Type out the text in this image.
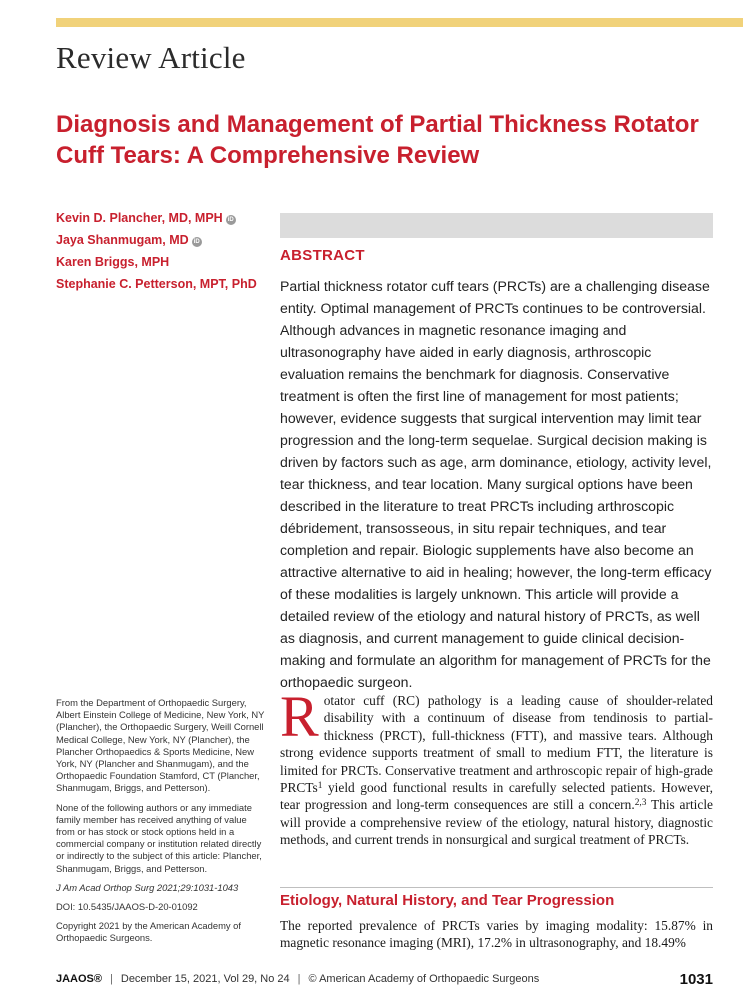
Review Article
Diagnosis and Management of Partial Thickness Rotator Cuff Tears: A Comprehensive Review
Kevin D. Plancher, MD, MPH iD
Jaya Shanmugam, MD iD
Karen Briggs, MPH
Stephanie C. Petterson, MPT, PhD
ABSTRACT

Partial thickness rotator cuff tears (PRCTs) are a challenging disease entity. Optimal management of PRCTs continues to be controversial. Although advances in magnetic resonance imaging and ultrasonography have aided in early diagnosis, arthroscopic evaluation remains the benchmark for diagnosis. Conservative treatment is often the first line of management for most patients; however, evidence suggests that surgical intervention may limit tear progression and the long-term sequelae. Surgical decision making is driven by factors such as age, arm dominance, etiology, activity level, tear thickness, and tear location. Many surgical options have been described in the literature to treat PRCTs including arthroscopic débridement, transosseous, in situ repair techniques, and tear completion and repair. Biologic supplements have also become an attractive alternative to aid in healing; however, the long-term efficacy of these modalities is largely unknown. This article will provide a detailed review of the etiology and natural history of PRCTs, as well as diagnosis, and current management to guide clinical decision-making and formulate an algorithm for management of PRCTs for the orthopaedic surgeon.

From the Department of Orthopaedic Surgery, Albert Einstein College of Medicine, New York, NY (Plancher), the Orthopaedic Surgery, Weill Cornell Medical College, New York, NY (Plancher), the Plancher Orthopaedics & Sports Medicine, New York, NY (Plancher and Shanmugam), and the Orthopaedic Foundation Stamford, CT (Plancher, Shanmugam, Briggs, and Petterson).

None of the following authors or any immediate family member has received anything of value from or has stock or stock options held in a commercial company or institution related directly or indirectly to the subject of this article: Plancher, Shanmugam, Briggs, and Petterson.

J Am Acad Orthop Surg 2021;29:1031-1043

DOI: 10.5435/JAAOS-D-20-01092

Copyright 2021 by the American Academy of Orthopaedic Surgeons.

Rotator cuff (RC) pathology is a leading cause of shoulder-related disability with a continuum of disease from tendinosis to partial-thickness (PRCT), full-thickness (FTT), and massive tears. Although strong evidence supports treatment of small to medium FTT, the literature is limited for PRCTs. Conservative treatment and arthroscopic repair of high-grade PRCTs$^1$ yield good functional results in carefully selected patients. However, tear progression and long-term consequences are still a concern.$^{2,3}$ This article will provide a comprehensive review of the etiology, natural history, diagnostic methods, and current trends in nonsurgical and surgical treatment of PRCTs.
Etiology, Natural History, and Tear Progression

The reported prevalence of PRCTs varies by imaging modality: 15.87% in magnetic resonance imaging (MRI), 17.2% in ultrasonography, and 18.49%

JAAOS® | December 15, 2021, Vol 29, No 24 | © American Academy of Orthopaedic Surgeons	1031
